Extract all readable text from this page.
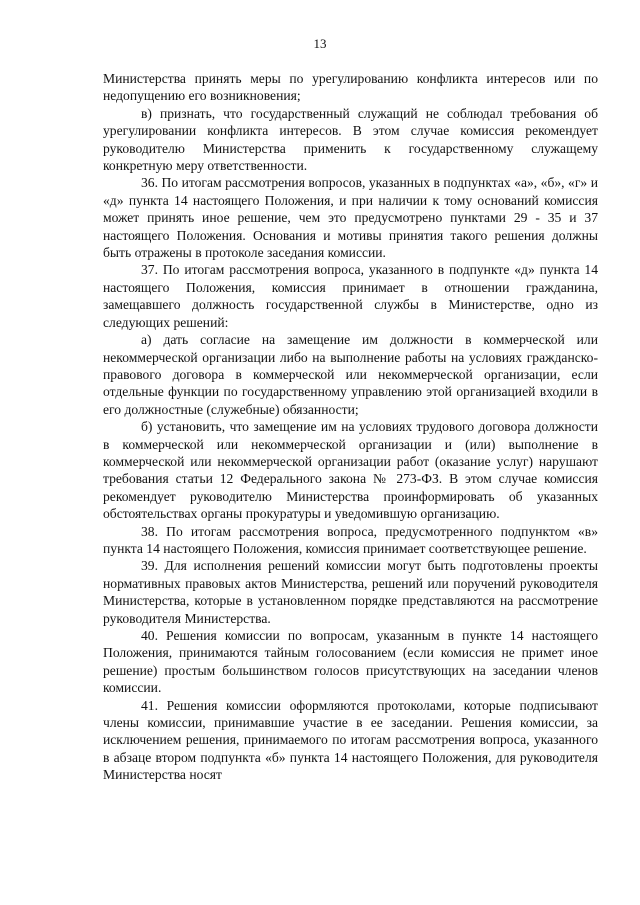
13

Министерства принять меры по урегулированию конфликта интересов или по недопущению его возникновения;

в) признать, что государственный служащий не соблюдал требования об урегулировании конфликта интересов. В этом случае комиссия рекомендует руководителю Министерства применить к государственному служащему конкретную меру ответственности.

36. По итогам рассмотрения вопросов, указанных в подпунктах «а», «б», «г» и «д» пункта 14 настоящего Положения, и при наличии к тому оснований комиссия может принять иное решение, чем это предусмотрено пунктами 29 - 35 и 37 настоящего Положения. Основания и мотивы принятия такого решения должны быть отражены в протоколе заседания комиссии.

37. По итогам рассмотрения вопроса, указанного в подпункте «д» пункта 14 настоящего Положения, комиссия принимает в отношении гражданина, замещавшего должность государственной службы в Министерстве, одно из следующих решений:

а) дать согласие на замещение им должности в коммерческой или некоммерческой организации либо на выполнение работы на условиях гражданско-правового договора в коммерческой или некоммерческой организации, если отдельные функции по государственному управлению этой организацией входили в его должностные (служебные) обязанности;

б) установить, что замещение им на условиях трудового договора должности в коммерческой или некоммерческой организации и (или) выполнение в коммерческой или некоммерческой организации работ (оказание услуг) нарушают требования статьи 12 Федерального закона № 273-ФЗ. В этом случае комиссия рекомендует руководителю Министерства проинформировать об указанных обстоятельствах органы прокуратуры и уведомившую организацию.

38. По итогам рассмотрения вопроса, предусмотренного подпунктом «в» пункта 14 настоящего Положения, комиссия принимает соответствующее решение.

39. Для исполнения решений комиссии могут быть подготовлены проекты нормативных правовых актов Министерства, решений или поручений руководителя Министерства, которые в установленном порядке представляются на рассмотрение руководителя Министерства.

40. Решения комиссии по вопросам, указанным в пункте 14 настоящего Положения, принимаются тайным голосованием (если комиссия не примет иное решение) простым большинством голосов присутствующих на заседании членов комиссии.

41. Решения комиссии оформляются протоколами, которые подписывают члены комиссии, принимавшие участие в ее заседании. Решения комиссии, за исключением решения, принимаемого по итогам рассмотрения вопроса, указанного в абзаце втором подпункта «б» пункта 14 настоящего Положения, для руководителя Министерства носят
